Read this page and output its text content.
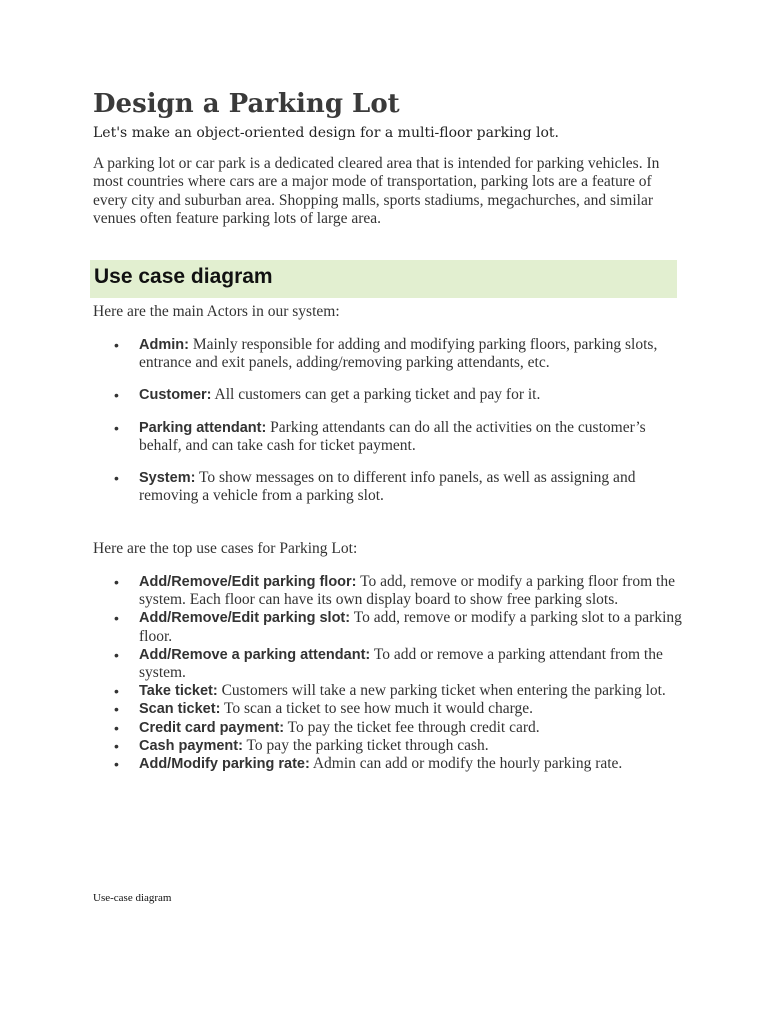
Design a Parking Lot

Let's make an object-oriented design for a multi-floor parking lot.

A parking lot or car park is a dedicated cleared area that is intended for parking vehicles. In most countries where cars are a major mode of transportation, parking lots are a feature of every city and suburban area. Shopping malls, sports stadiums, megachurches, and similar venues often feature parking lots of large area.

Use case diagram

Here are the main Actors in our system:

• Admin: Mainly responsible for adding and modifying parking floors, parking slots, entrance and exit panels, adding/removing parking attendants, etc.
• Customer: All customers can get a parking ticket and pay for it.
• Parking attendant: Parking attendants can do all the activities on the customer’s behalf, and can take cash for ticket payment.
• System: To show messages on to different info panels, as well as assigning and removing a vehicle from a parking slot.

Here are the top use cases for Parking Lot:

• Add/Remove/Edit parking floor: To add, remove or modify a parking floor from the system. Each floor can have its own display board to show free parking slots.
• Add/Remove/Edit parking slot: To add, remove or modify a parking slot to a parking floor.
• Add/Remove a parking attendant: To add or remove a parking attendant from the system.
• Take ticket: Customers will take a new parking ticket when entering the parking lot.
• Scan ticket: To scan a ticket to see how much it would charge.
• Credit card payment: To pay the ticket fee through credit card.
• Cash payment: To pay the parking ticket through cash.
• Add/Modify parking rate: Admin can add or modify the hourly parking rate.

Use-case diagram
